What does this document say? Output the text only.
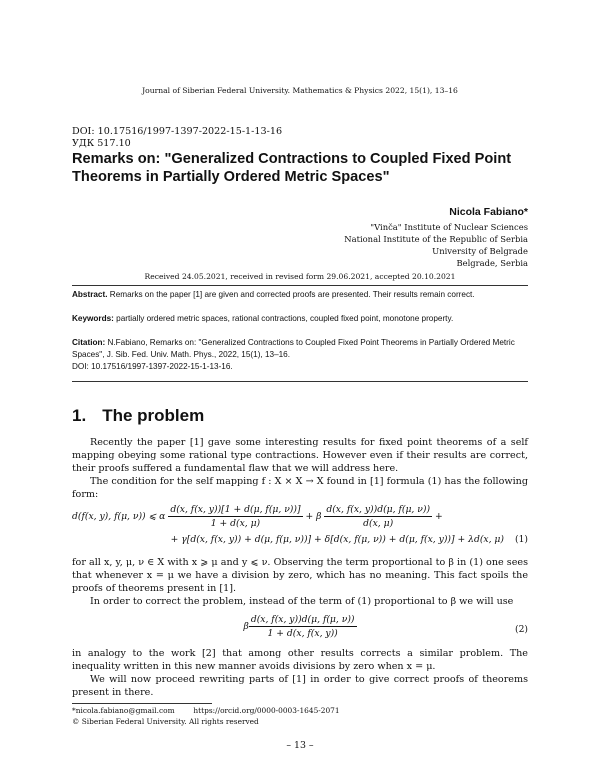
Journal of Siberian Federal University. Mathematics & Physics 2022, 15(1), 13–16
DOI: 10.17516/1997-1397-2022-15-1-13-16
УДК 517.10
Remarks on: "Generalized Contractions to Coupled Fixed Point Theorems in Partially Ordered Metric Spaces"
Nicola Fabiano*
"Vinča" Institute of Nuclear Sciences
National Institute of the Republic of Serbia
University of Belgrade
Belgrade, Serbia
Received 24.05.2021, received in revised form 29.06.2021, accepted 20.10.2021
Abstract. Remarks on the paper [1] are given and corrected proofs are presented. Their results remain correct.
Keywords: partially ordered metric spaces, rational contractions, coupled fixed point, monotone property.
Citation: N.Fabiano, Remarks on: "Generalized Contractions to Coupled Fixed Point Theorems in Partially Ordered Metric Spaces", J. Sib. Fed. Univ. Math. Phys., 2022, 15(1), 13–16.
DOI: 10.17516/1997-1397-2022-15-1-13-16.
1. The problem
Recently the paper [1] gave some interesting results for fixed point theorems of a self mapping obeying some rational type contractions. However even if their results are correct, their proofs suffered a fundamental flaw that we will address here.
The condition for the self mapping f : X × X → X found in [1] formula (1) has the following form:
d(f(x, y), f(μ, ν)) ⩽ α $\frac{d(x, f(x, y))[1 + d(\mu, f(\mu, \nu))]}{1 + d(x, \mu)} + \beta \frac{d(x, f(x, y))d(\mu, f(\mu, \nu))}{d(x, \mu)}$ +
+ γ[d(x, f(x, y)) + d(μ, f(μ, ν))] + δ[d(x, f(μ, ν)) + d(μ, f(x, y))] + λd(x, μ) (1)
for all x, y, μ, ν ∈ X with x ⩾ μ and y ⩽ ν. Observing the term proportional to β in (1) one sees that whenever x = μ we have a division by zero, which has no meaning. This fact spoils the proofs of theorems present in [1].
In order to correct the problem, instead of the term of (1) proportional to β we will use
β $\frac{d(x, f(x, y))d(\mu, f(\mu, \nu))}{1 + d(x, f(x, y))}$	(2)
in analogy to the work [2] that among other results corrects a similar problem. The inequality written in this new manner avoids divisions by zero when x = μ.
We will now proceed rewriting parts of [1] in order to give correct proofs of theorems present in there.
*nicola.fabiano@gmail.com        https://orcid.org/0000-0003-1645-2071
© Siberian Federal University. All rights reserved
– 13 –
